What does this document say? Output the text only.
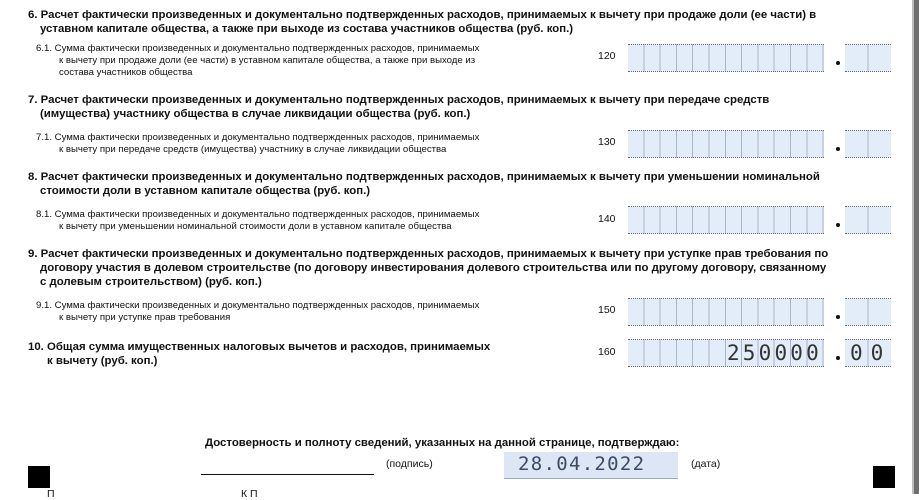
6. Расчет фактически произведенных и документально подтвержденных расходов, принимаемых к вычету при продаже доли (ее части) в
уставном капитале общества, а также при выходе из состава участников общества (руб. коп.)
6.1. Сумма фактически произведенных и документально подтвержденных расходов, принимаемых
к вычету при продаже доли (ее части) в уставном капитале общества, а также при выходе из
состава участников общества
120
7. Расчет фактически произведенных и документально подтвержденных расходов, принимаемых к вычету при передаче средств
(имущества) участнику общества в случае ликвидации общества (руб. коп.)
7.1. Сумма фактически произведенных и документально подтвержденных расходов, принимаемых
к вычету при передаче средств (имущества) участнику в случае ликвидации общества
130
8. Расчет фактически произведенных и документально подтвержденных расходов, принимаемых к вычету при уменьшении номинальной
стоимости доли в уставном капитале общества (руб. коп.)
8.1. Сумма фактически произведенных и документально подтвержденных расходов, принимаемых
к вычету при уменьшении номинальной стоимости доли в уставном капитале общества
140
9. Расчет фактически произведенных и документально подтвержденных расходов, принимаемых к вычету при уступке прав требования по
договору участия в долевом строительстве (по договору инвестирования долевого строительства или по другому договору, связанному
с долевым строительством) (руб. коп.)
9.1. Сумма фактически произведенных и документально подтвержденных расходов, принимаемых
к вычету при уступке прав требования
150
10. Общая сумма имущественных налоговых вычетов и расходов, принимаемых
к вычету (руб. коп.)
160	250000 00
Достоверность и полноту сведений, указанных на данной странице, подтверждаю:
(подпись)	28.04.2022	(дата)
П	К П
